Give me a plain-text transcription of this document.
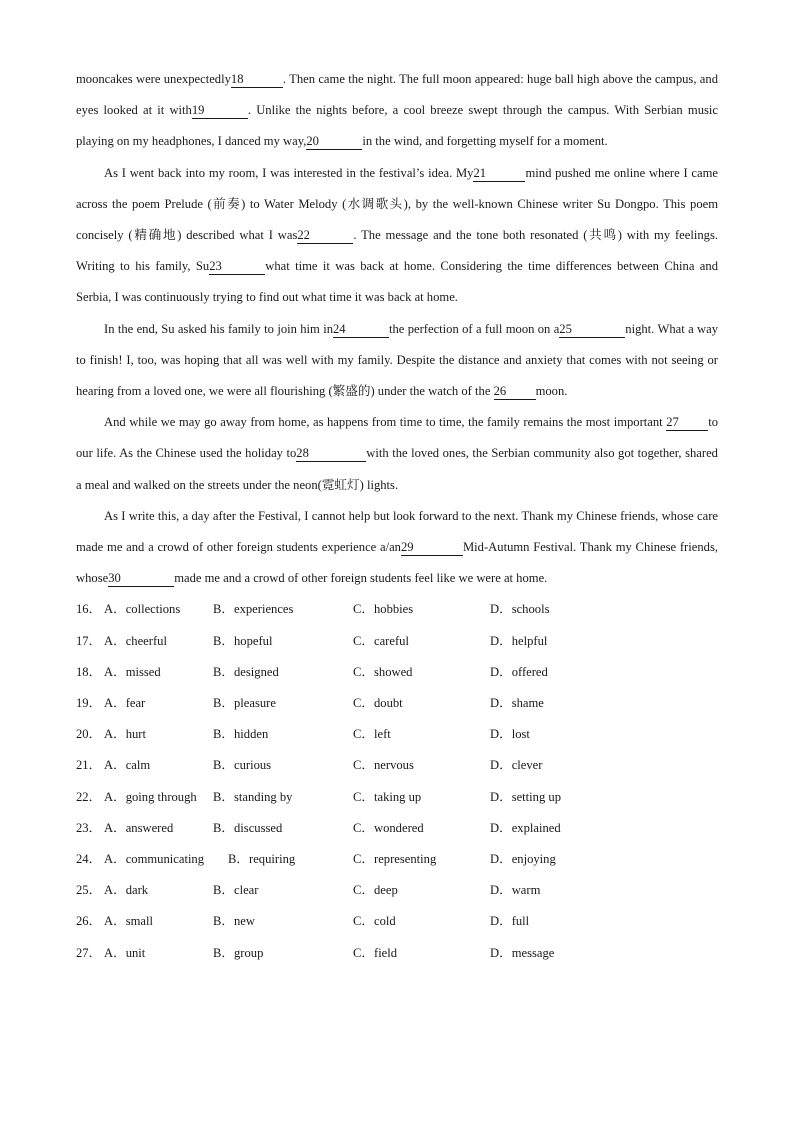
mooncakes were unexpectedly18	. Then came the night. The full moon appeared: huge ball high above the campus, and eyes looked at it with19	. Unlike the nights before, a cool breeze swept through the campus. With Serbian music playing on my headphones, I danced my way,20	in the wind, and forgetting myself for a moment.

As I went back into my room, I was interested in the festival’s idea. My21	mind pushed me online where I came across the poem Prelude (前奏) to Water Melody (水调歌头), by the well-known Chinese writer Su Dongpo. This poem concisely (精确地) described what I was22	. The message and the tone both resonated (共鸣) with my feelings. Writing to his family, Su23	what time it was back at home. Considering the time differences between China and Serbia, I was continuously trying to find out what time it was back at home.

In the end, Su asked his family to join him in24	the perfection of a full moon on a25	night. What a way to finish! I, too, was hoping that all was well with my family. Despite the distance and anxiety that comes with not seeing or hearing from a loved one, we were all flourishing (繁盛的) under the watch of the 26 moon.

And while we may go away from home, as happens from time to time, the family remains the most important 27 to our life. As the Chinese used the holiday to28	with the loved ones, the Serbian community also got together, shared a meal and walked on the streets under the neon(霓虹灯) lights.

As I write this, a day after the Festival, I cannot help but look forward to the next. Thank my Chinese friends, whose care made me and a crowd of other foreign students experience a/an29	Mid-Autumn Festival. Thank my Chinese friends, whose30	made me and a crowd of other foreign students feel like we were at home.

16． A．collections	B．experiences	C．hobbies	D．schools
17． A．cheerful	B．hopeful	C．careful	D．helpful
18． A．missed	B．designed	C．showed	D．offered
19． A．fear	B．pleasure	C．doubt	D．shame
20． A．hurt	B．hidden	C．left	D．lost
21． A．calm	B．curious	C．nervous	D．clever
22． A．going through B．standing by	C．taking up	D．setting up
23． A．answered	B．discussed	C．wondered	D．explained
24． A．communicating B．requiring	C．representing	D．enjoying
25． A．dark	B．clear	C．deep	D．warm
26． A．small	B．new	C．cold	D．full
27． A．unit	B．group	C．field	D．message
